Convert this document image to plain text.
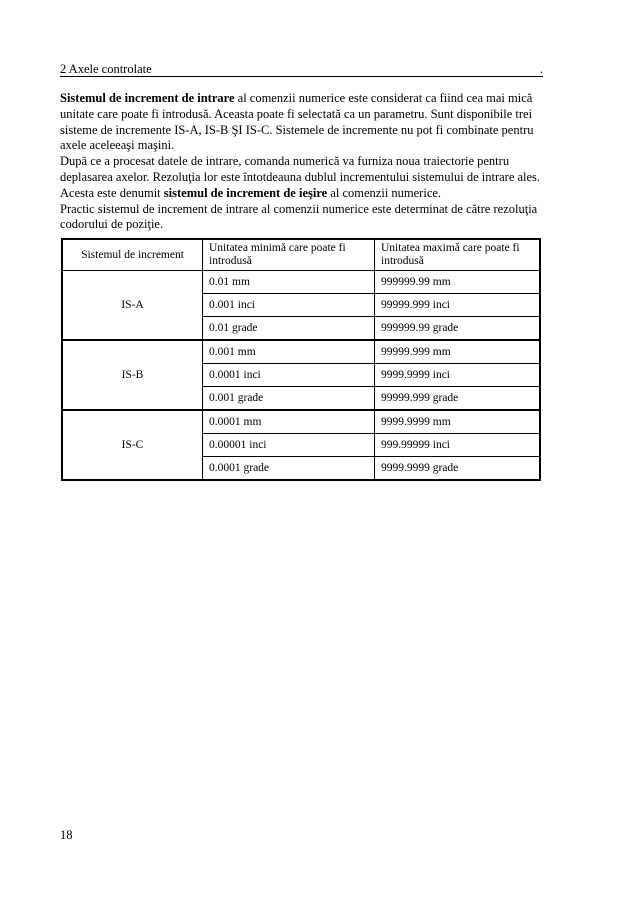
2 Axele controlate	.

Sistemul de increment de intrare al comenzii numerice este considerat ca fiind cea mai mică unitate care poate fi introdusă. Aceasta poate fi selectată ca un parametru. Sunt disponibile trei sisteme de incremente IS-A, IS-B ŞI IS-C. Sistemele de incremente nu pot fi combinate pentru axele aceleeaşi maşini.

După ce a procesat datele de intrare, comanda numerică va furniza noua traiectorie pentru deplasarea axelor. Rezoluţia lor este întotdeauna dublul incrementului sistemului de intrare ales. Acesta este denumit sistemul de increment de ieşire al comenzii numerice.

Practic sistemul de increment de intrare al comenzii numerice este determinat de către rezoluţia codorului de poziţie.

Sistemul de increment	Unitatea minimă care poate fi introdusă	Unitatea maximă care poate fi introdusă
IS-A	0.01 mm	999999.99 mm
	0.001 inci	99999.999 inci
	0.01 grade	999999.99 grade
IS-B	0.001 mm	99999.999 mm
	0.0001 inci	9999.9999 inci
	0.001 grade	99999.999 grade
IS-C	0.0001 mm	9999.9999 mm
	0.00001 inci	999.99999 inci
	0.0001 grade	9999.9999 grade
18
